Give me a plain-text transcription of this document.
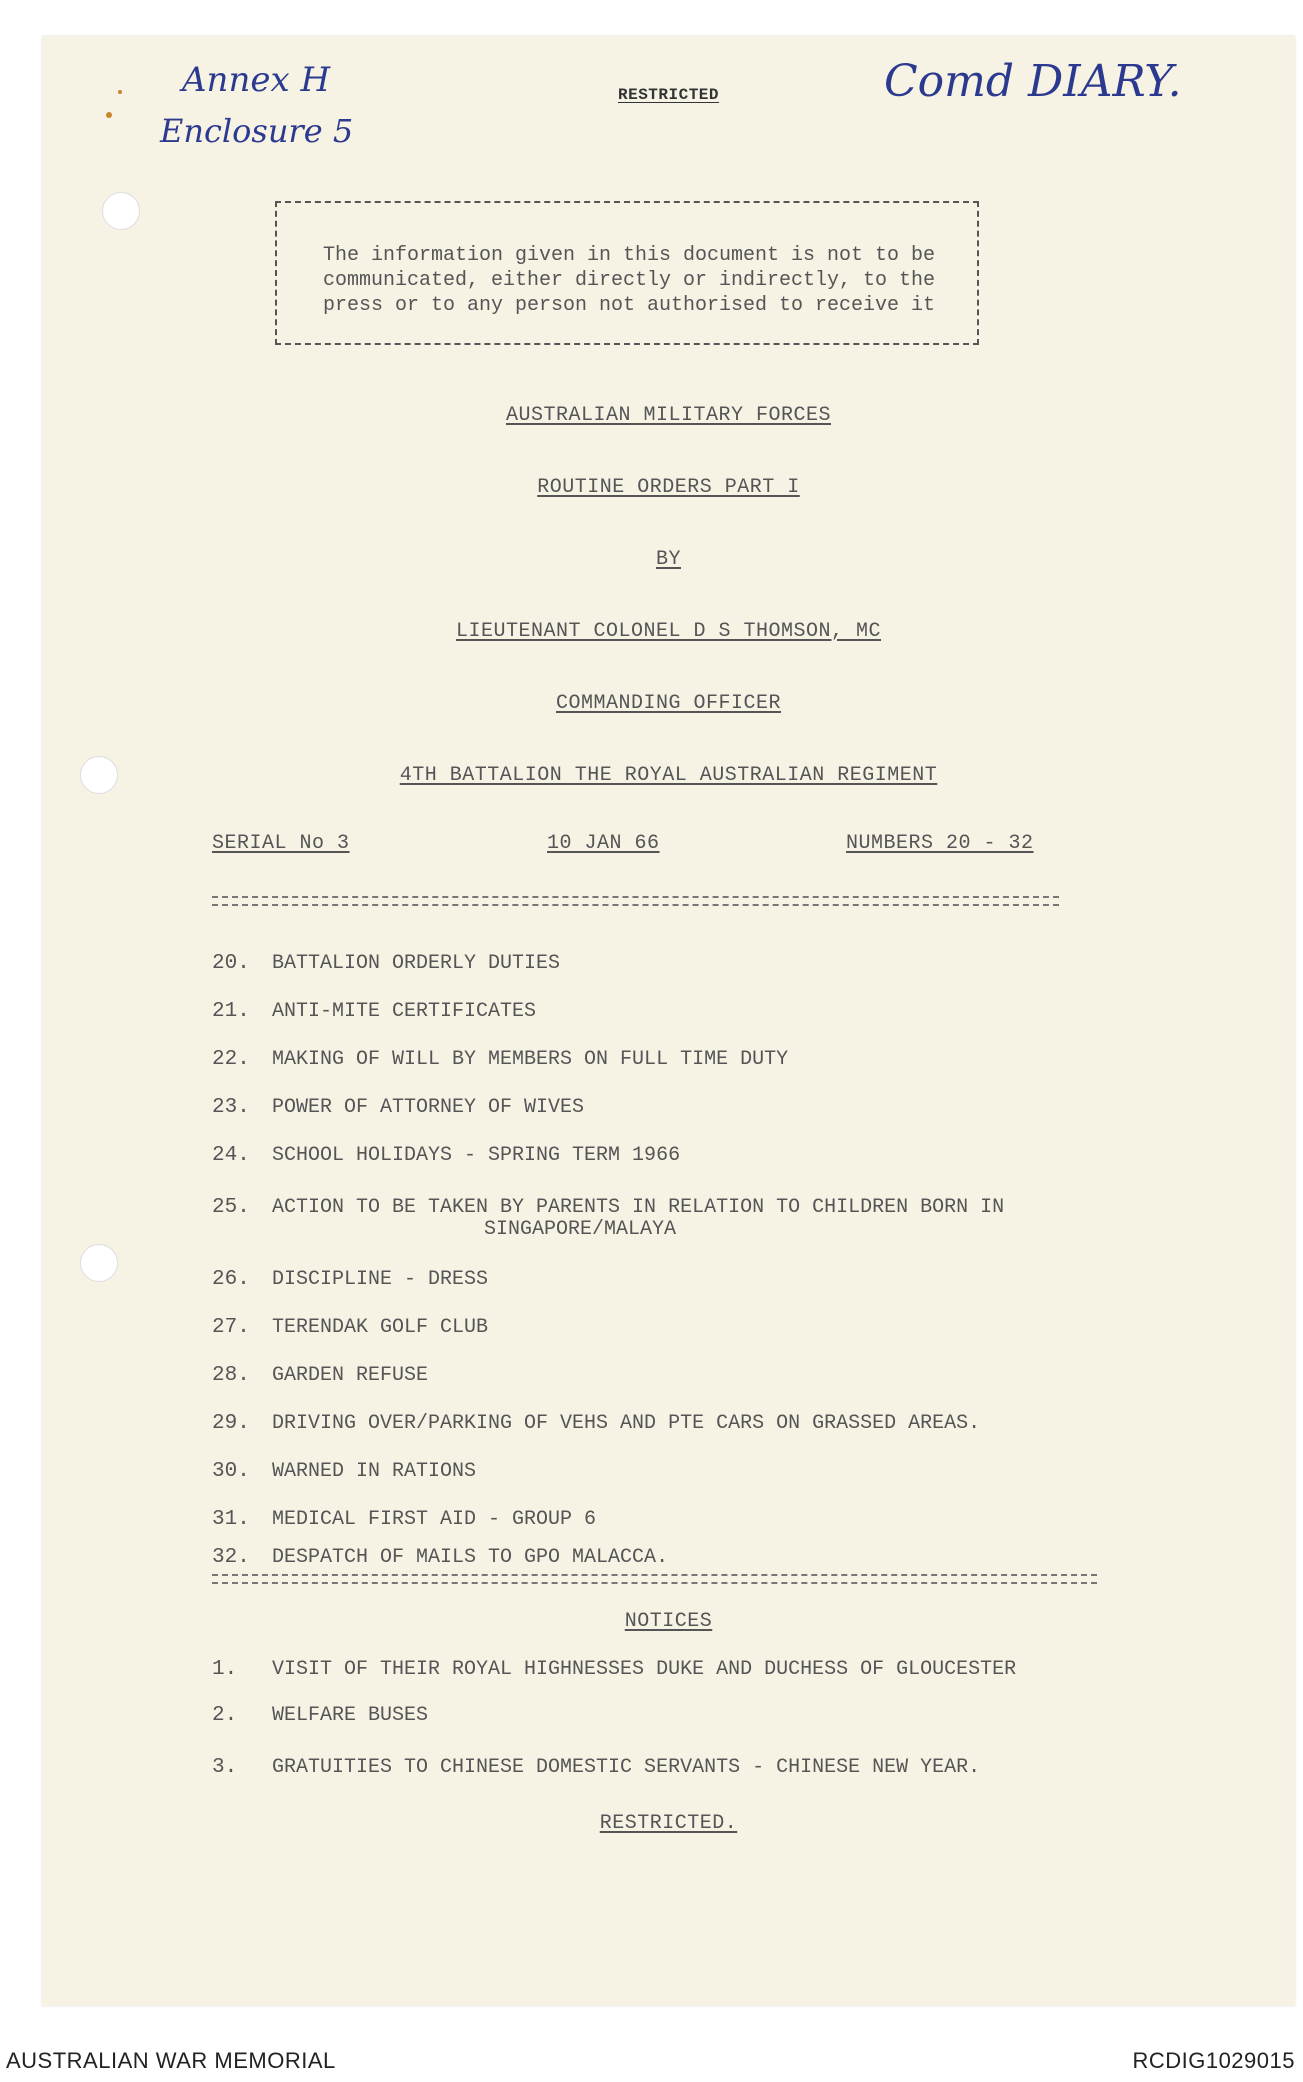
Annex H
Enclosure 5
Comd DIARY.
RESTRICTED
The information given in this document is not to be communicated, either directly or indirectly, to the press or to any person not authorised to receive it
AUSTRALIAN MILITARY FORCES
ROUTINE ORDERS PART I
BY
LIEUTENANT COLONEL D S THOMSON, MC
COMMANDING OFFICER
4TH BATTALION THE ROYAL AUSTRALIAN REGIMENT
SERIAL No 3	10 JAN 66	NUMBERS 20 - 32
20. BATTALION ORDERLY DUTIES
21. ANTI-MITE CERTIFICATES
22. MAKING OF WILL BY MEMBERS ON FULL TIME DUTY
23. POWER OF ATTORNEY OF WIVES
24. SCHOOL HOLIDAYS - SPRING TERM 1966
25. ACTION TO BE TAKEN BY PARENTS IN RELATION TO CHILDREN BORN IN
SINGAPORE/MALAYA
26. DISCIPLINE - DRESS
27. TERENDAK GOLF CLUB
28. GARDEN REFUSE
29. DRIVING OVER/PARKING OF VEHS AND PTE CARS ON GRASSED AREAS.
30. WARNED IN RATIONS
31. MEDICAL FIRST AID - GROUP 6
32. DESPATCH OF MAILS TO GPO MALACCA.
NOTICES
1. VISIT OF THEIR ROYAL HIGHNESSES DUKE AND DUCHESS OF GLOUCESTER
2. WELFARE BUSES
3. GRATUITIES TO CHINESE DOMESTIC SERVANTS - CHINESE NEW YEAR.
RESTRICTED.
AUSTRALIAN WAR MEMORIAL	RCDIG1029015
